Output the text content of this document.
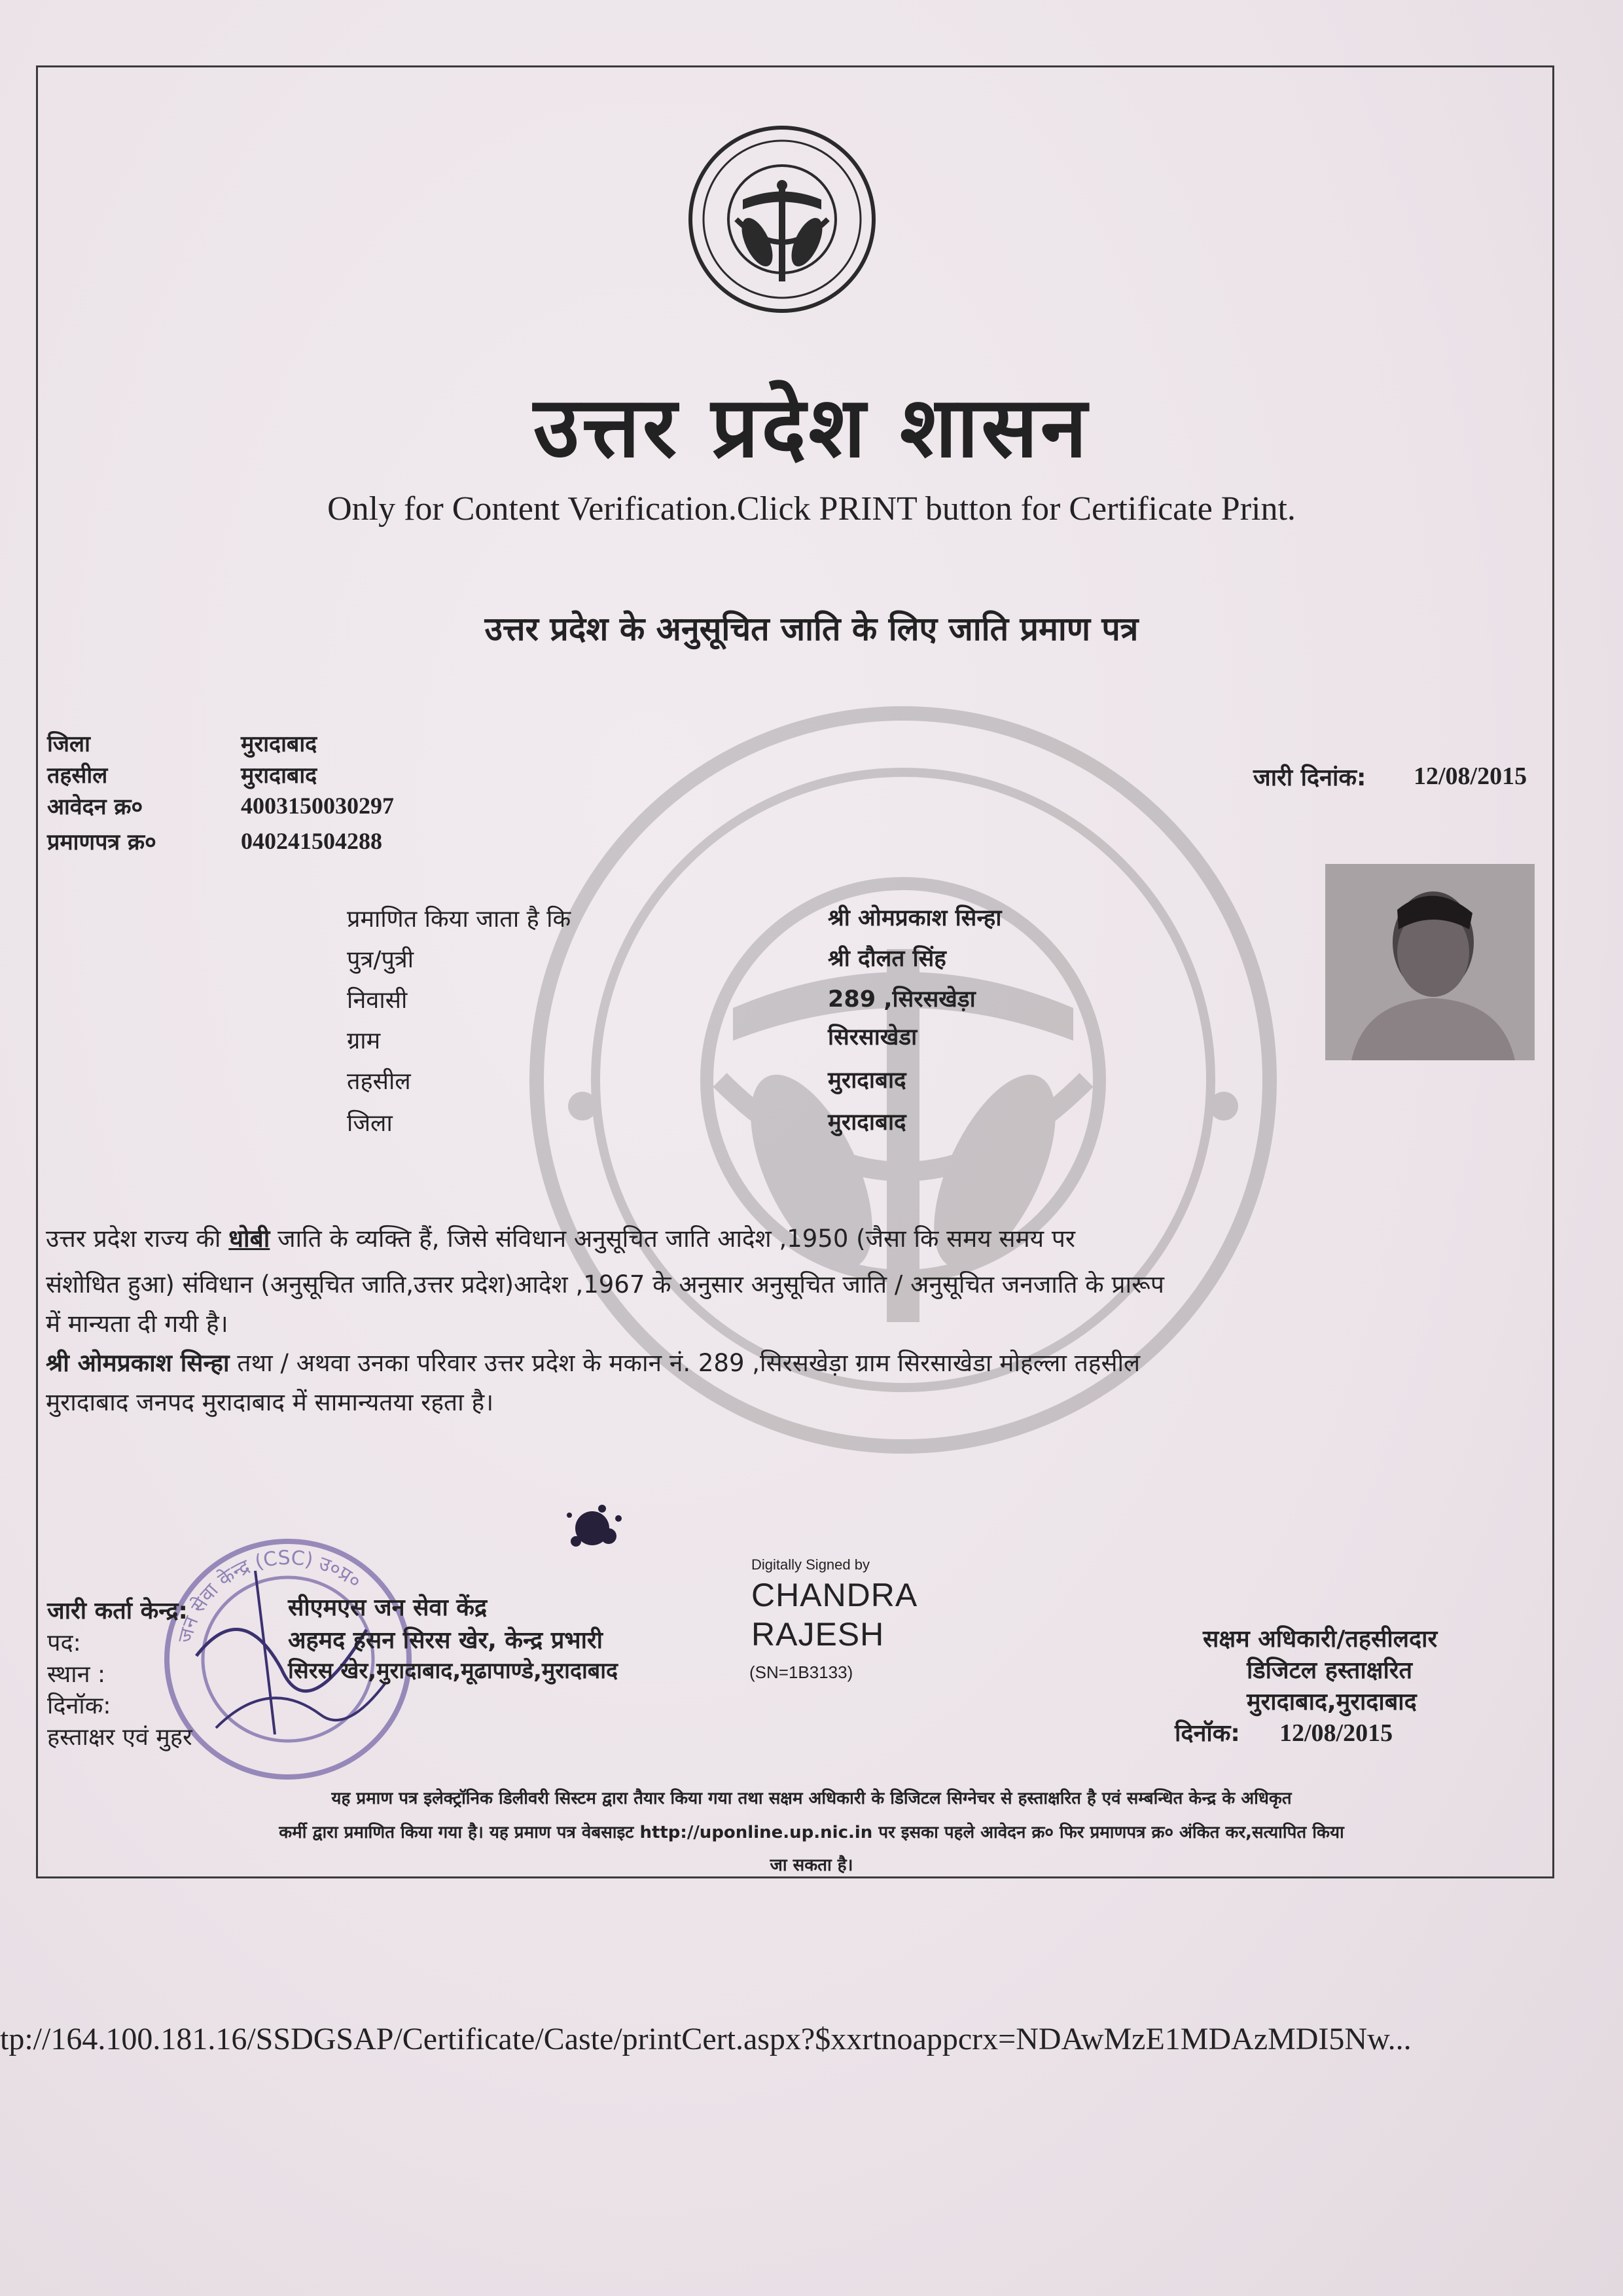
उत्तर प्रदेश शासन
Only for Content Verification.Click PRINT button for Certificate Print.
उत्तर प्रदेश के अनुसूचित जाति के लिए जाति प्रमाण पत्र
जिला	मुरादाबाद
तहसील	मुरादाबाद
आवेदन क्र०	4003150030297
प्रमाणपत्र क्र०	040241504288
जारी दिनांक: 12/08/2015
प्रमाणित किया जाता है कि	श्री ओमप्रकाश सिन्हा
पुत्र/पुत्री	श्री दौलत सिंह
निवासी	289 ,सिरसखेड़ा
ग्राम	सिरसाखेडा
तहसील	मुरादाबाद
जिला	मुरादाबाद
उत्तर प्रदेश राज्य की धोबी जाति के व्यक्ति हैं, जिसे संविधान अनुसूचित जाति आदेश ,1950 (जैसा कि समय समय पर
संशोधित हुआ) संविधान (अनुसूचित जाति,उत्तर प्रदेश)आदेश ,1967 के अनुसार अनुसूचित जाति / अनुसूचित जनजाति के प्रारूप
में मान्यता दी गयी है।
श्री ओमप्रकाश सिन्हा तथा / अथवा उनका परिवार उत्तर प्रदेश के मकान नं. 289 ,सिरसखेड़ा ग्राम सिरसाखेडा मोहल्ला तहसील
मुरादाबाद जनपद मुरादाबाद में सामान्यतया रहता है।
जन सेवा केन्द्र (CSC) उ०प्र०
जारी कर्ता केन्द्र:	सीएमएस जन सेवा केंद्र
पद:	अहमद हसन सिरस खेर, केन्द्र प्रभारी
स्थान :	सिरस खेर,मुरादाबाद,मूढापाण्डे,मुरादाबाद	(SN=1B3133)
दिनॉक:
हस्ताक्षर एवं मुहर
Digitally Signed by
CHANDRA
RAJESH	सक्षम अधिकारी/तहसीलदार
डिजिटल हस्ताक्षरित
मुरादाबाद,मुरादाबाद
दिनॉक: 12/08/2015
यह प्रमाण पत्र इलेक्ट्रॉनिक डिलीवरी सिस्टम द्वारा तैयार किया गया तथा सक्षम अधिकारी के डिजिटल सिग्नेचर से हस्ताक्षरित है एवं सम्बन्धित केन्द्र के अधिकृत
कर्मी द्वारा प्रमाणित किया गया है। यह प्रमाण पत्र वेबसाइट http://uponline.up.nic.in पर इसका पहले आवेदन क्र० फिर प्रमाणपत्र क्र० अंकित कर,सत्यापित किया
जा सकता है।
tp://164.100.181.16/SSDGSAP/Certificate/Caste/printCert.aspx?$xxrtnoappcrx=NDAwMzE1MDAzMDI5Nw...
